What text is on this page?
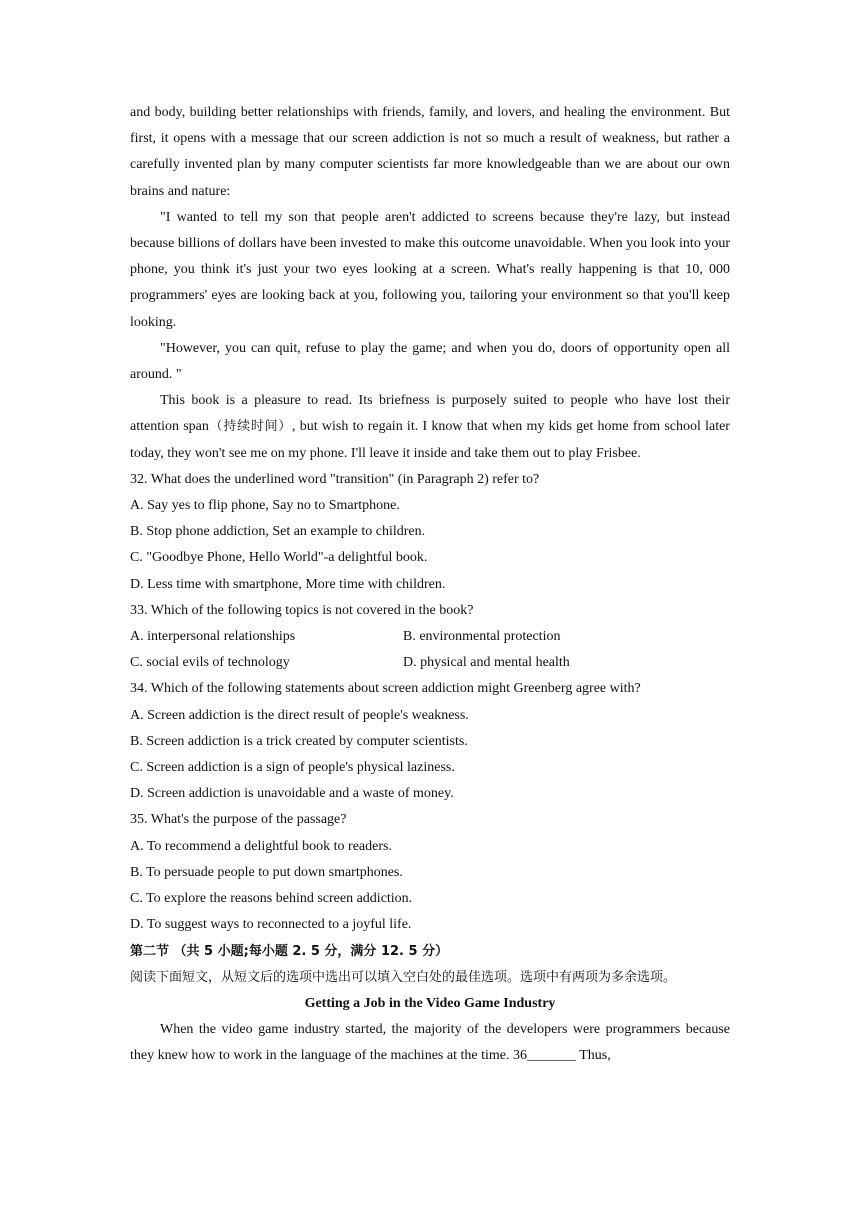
and body, building better relationships with friends, family, and lovers, and healing the environment. But first, it opens with a message that our screen addiction is not so much a result of weakness, but rather a carefully invented plan by many computer scientists far more knowledgeable than we are about our own brains and nature:

"I wanted to tell my son that people aren't addicted to screens because they're lazy, but instead because billions of dollars have been invested to make this outcome unavoidable. When you look into your phone, you think it's just your two eyes looking at a screen. What's really happening is that 10, 000 programmers' eyes are looking back at you, following you, tailoring your environment so that you'll keep looking.

"However, you can quit, refuse to play the game; and when you do, doors of opportunity open all around. "

This book is a pleasure to read. Its briefness is purposely suited to people who have lost their attention span（持续时间）, but wish to regain it. I know that when my kids get home from school later today, they won't see me on my phone. I'll leave it inside and take them out to play Frisbee.

32. What does the underlined word "transition" (in Paragraph 2) refer to?

A. Say yes to flip phone, Say no to Smartphone.

B. Stop phone addiction, Set an example to children.

C. "Goodbye Phone, Hello World"-a delightful book.

D. Less time with smartphone, More time with children.

33. Which of the following topics is not covered in the book?

A. interpersonal relationships	B. environmental protection
C. social evils of technology	D. physical and mental health

34. Which of the following statements about screen addiction might Greenberg agree with?

A. Screen addiction is the direct result of people's weakness.

B. Screen addiction is a trick created by computer scientists.

C. Screen addiction is a sign of people's physical laziness.

D. Screen addiction is unavoidable and a waste of money.

35. What's the purpose of the passage?

A. To recommend a delightful book to readers.

B. To persuade people to put down smartphones.

C. To explore the reasons behind screen addiction.

D. To suggest ways to reconnected to a joyful life.

第二节 （共 5 小题;每小题 2. 5 分，满分 12. 5 分）

阅读下面短文，从短文后的选项中选出可以填入空白处的最佳选项。选项中有两项为多余选项。

Getting a Job in the Video Game Industry

When the video game industry started, the majority of the developers were programmers because they knew how to work in the language of the machines at the time. 36_______ Thus,
